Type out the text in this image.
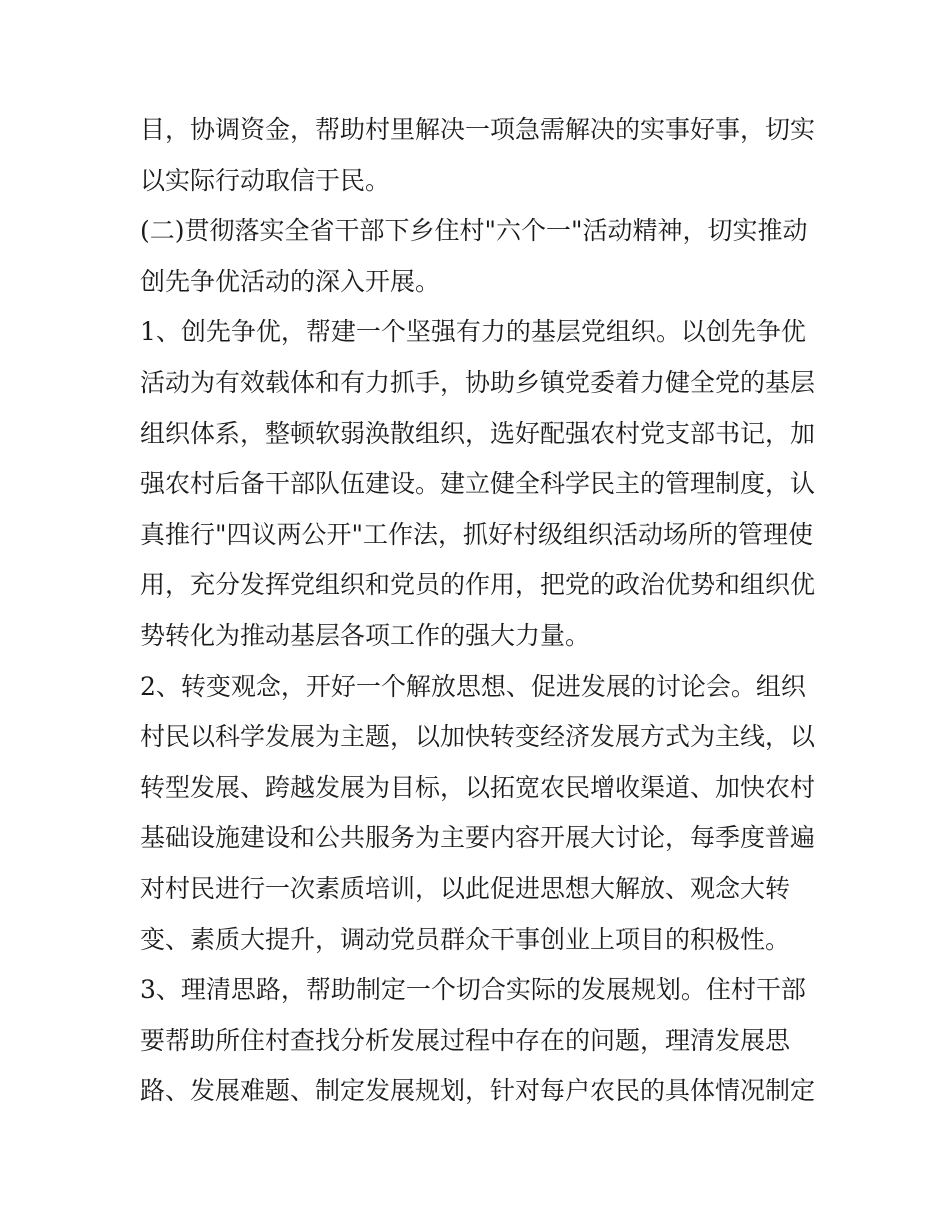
目，协调资金，帮助村里解决一项急需解决的实事好事，切实
以实际行动取信于民。
(二)贯彻落实全省干部下乡住村"六个一"活动精神，切实推动
创先争优活动的深入开展。
1、创先争优，帮建一个坚强有力的基层党组织。以创先争优
活动为有效载体和有力抓手，协助乡镇党委着力健全党的基层
组织体系，整顿软弱涣散组织，选好配强农村党支部书记，加
强农村后备干部队伍建设。建立健全科学民主的管理制度，认
真推行"四议两公开"工作法，抓好村级组织活动场所的管理使
用，充分发挥党组织和党员的作用，把党的政治优势和组织优
势转化为推动基层各项工作的强大力量。
2、转变观念，开好一个解放思想、促进发展的讨论会。组织
村民以科学发展为主题，以加快转变经济发展方式为主线，以
转型发展、跨越发展为目标，以拓宽农民增收渠道、加快农村
基础设施建设和公共服务为主要内容开展大讨论，每季度普遍
对村民进行一次素质培训，以此促进思想大解放、观念大转
变、素质大提升，调动党员群众干事创业上项目的积极性。
3、理清思路，帮助制定一个切合实际的发展规划。住村干部
要帮助所住村查找分析发展过程中存在的问题，理清发展思
路、发展难题、制定发展规划，针对每户农民的具体情况制定
